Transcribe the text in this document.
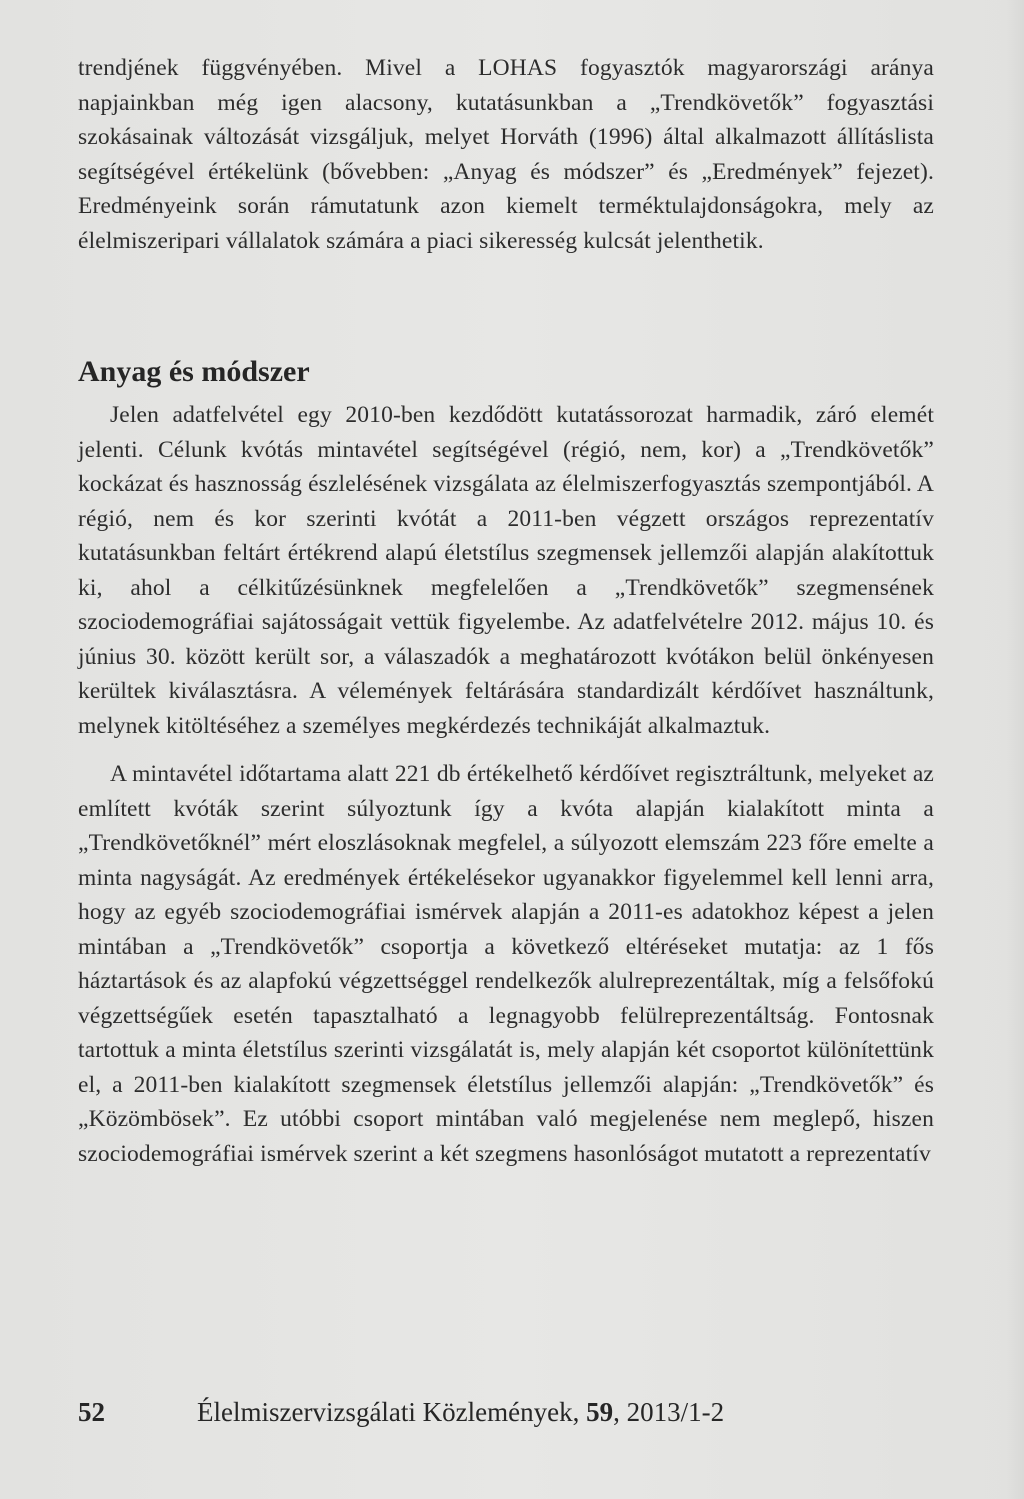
trendjének függvényében. Mivel a LOHAS fogyasztók magyarországi aránya napjainkban még igen alacsony, kutatásunkban a „Trendkövetők” fogyasztási szokásainak változását vizsgáljuk, melyet Horváth (1996) által alkalmazott állításlista segítségével értékelünk (bővebben: „Anyag és módszer” és „Eredmények” fejezet). Eredményeink során rámutatunk azon kiemelt terméktulajdonságokra, mely az élelmiszeripari vállalatok számára a piaci sikeresség kulcsát jelenthetik.

Anyag és módszer

Jelen adatfelvétel egy 2010-ben kezdődött kutatássorozat harmadik, záró elemét jelenti. Célunk kvótás mintavétel segítségével (régió, nem, kor) a „Trendkövetők” kockázat és hasznosság észlelésének vizsgálata az élelmiszerfogyasztás szempontjából. A régió, nem és kor szerinti kvótát a 2011-ben végzett országos reprezentatív kutatásunkban feltárt értékrend alapú életstílus szegmensek jellemzői alapján alakítottuk ki, ahol a célkitűzésünknek megfelelően a „Trendkövetők” szegmensének szociodemográfiai sajátosságait vettük figyelembe. Az adatfelvételre 2012. május 10. és június 30. között került sor, a válaszadók a meghatározott kvótákon belül önkényesen kerültek kiválasztásra. A vélemények feltárására standardizált kérdőívet használtunk, melynek kitöltéséhez a személyes megkérdezés technikáját alkalmaztuk.

A mintavétel időtartama alatt 221 db értékelhető kérdőívet regisztráltunk, melyeket az említett kvóták szerint súlyoztunk így a kvóta alapján kialakított minta a „Trendkövetőknél” mért eloszlásoknak megfelel, a súlyozott elemszám 223 főre emelte a minta nagyságát. Az eredmények értékelésekor ugyanakkor figyelemmel kell lenni arra, hogy az egyéb szociodemográfiai ismérvek alapján a 2011-es adatokhoz képest a jelen mintában a „Trendkövetők” csoportja a következő eltéréseket mutatja: az 1 fős háztartások és az alapfokú végzettséggel rendelkezők alulreprezentáltak, míg a felsőfokú végzettségűek esetén tapasztalható a legnagyobb felülreprezentáltság. Fontosnak tartottuk a minta életstílus szerinti vizsgálatát is, mely alapján két csoportot különítettünk el, a 2011-ben kialakított szegmensek életstílus jellemzői alapján: „Trendkövetők” és „Közömbösek”. Ez utóbbi csoport mintában való megjelenése nem meglepő, hiszen szociodemográfiai ismérvek szerint a két szegmens hasonlóságot mutatott a reprezentatív

52	Élelmiszervizsgálati Közlemények, 59, 2013/1-2
